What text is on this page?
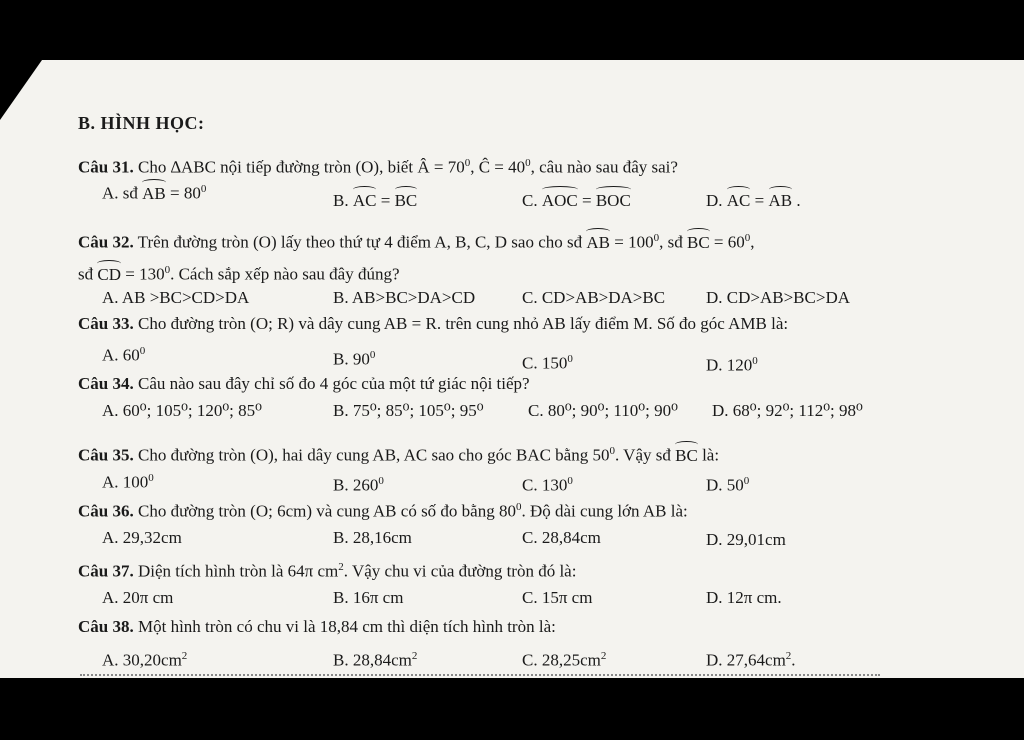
B. HÌNH HỌC:
Câu 31. Cho ∆ABC nội tiếp đường tròn (O), biết Â = $70^0$, Ĉ = $40^0$, câu nào sau đây sai?
A. sđ AB = $80^0$
B. AC = BC	C. AOC = BOC	D. AC = AB .
Câu 32. Trên đường tròn (O) lấy theo thứ tự 4 điểm A, B, C, D sao cho sđ AB = $100^0$, sđ BC = $60^0$,
sđ CD = $130^0$. Cách sắp xếp nào sau đây đúng?
A. AB >BC>CD>DA	B. AB>BC>DA>CD	C. CD>AB>DA>BC D. CD>AB>BC>DA
Câu 33. Cho đường tròn (O; R) và dây cung AB = R. trên cung nhỏ AB lấy điểm M. Số đo góc AMB là:
A. $60^0$	B. $90^0$	C. $150^0$	D. $120^0$
Câu 34. Câu nào sau đây chỉ số đo 4 góc của một tứ giác nội tiếp?
A. 60⁰; 105⁰; 120⁰; 85⁰	B. 75⁰; 85⁰; 105⁰; 95⁰	C. 80⁰; 90⁰; 110⁰; 90⁰ D. 68⁰; 92⁰; 112⁰; 98⁰
Câu 35. Cho đường tròn (O), hai dây cung AB, AC sao cho góc BAC bằng $50^0$. Vậy sđ BC là:
A. $100^0$	B. $260^0$	C. $130^0$	D. $50^0$
Câu 36. Cho đường tròn (O; 6cm) và cung AB có số đo bằng $80^0$. Độ dài cung lớn AB là:
A. 29,32cm	B. 28,16cm	C. 28,84cm	D. 29,01cm
Câu 37. Diện tích hình tròn là 64π $cm^2$. Vậy chu vi của đường tròn đó là:
A. 20π cm	B. 16π cm	C. 15π cm	D. 12π cm.
Câu 38. Một hình tròn có chu vi là 18,84 cm thì diện tích hình tròn là:
A. $30,20cm^2$	B. $28,84cm^2$	C. $28,25cm^2$	D. $27,64cm^2$.
